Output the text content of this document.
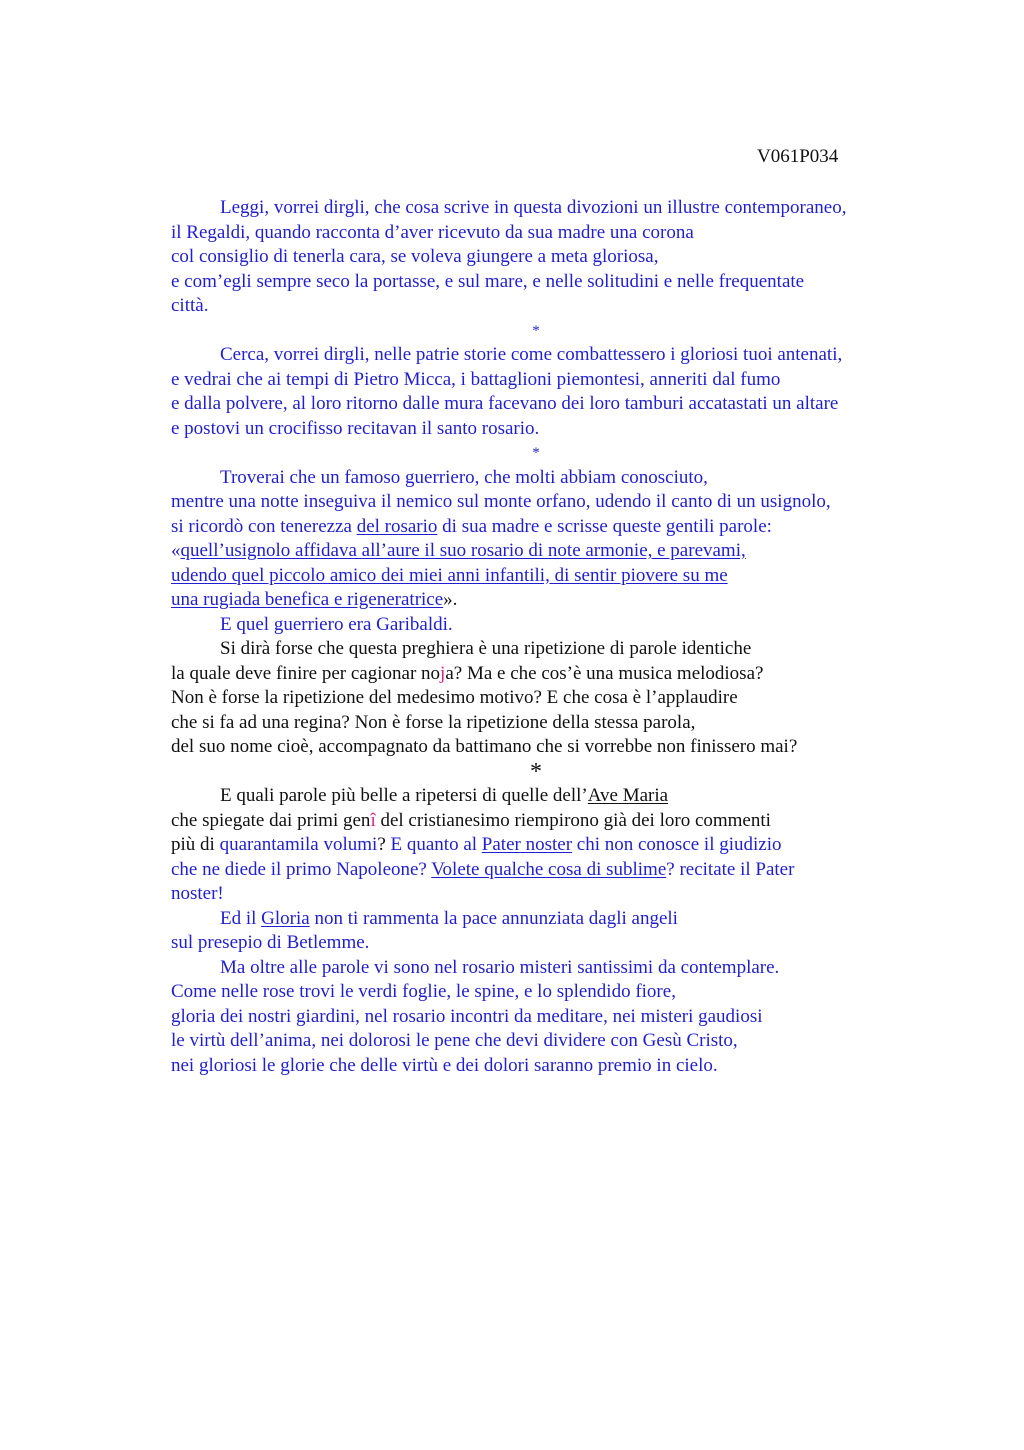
V061P034
Leggi, vorrei dirgli, che cosa scrive in questa divozioni un illustre contemporaneo,
il Regaldi, quando racconta d’aver ricevuto da sua madre una corona
col consiglio di tenerla cara, se voleva giungere a meta gloriosa,
e com’egli sempre seco la portasse, e sul mare, e nelle solitudini e nelle frequentate
città.
*
Cerca, vorrei dirgli, nelle patrie storie come combattessero i gloriosi tuoi antenati,
e vedrai che ai tempi di Pietro Micca, i battaglioni piemontesi, anneriti dal fumo
e dalla polvere, al loro ritorno dalle mura facevano dei loro tamburi accatastati un altare
e postovi un crocifisso recitavan il santo rosario.
*
Troverai che un famoso guerriero, che molti abbiam conosciuto,
mentre una notte inseguiva il nemico sul monte orfano, udendo il canto di un usignolo,
si ricordò con tenerezza del rosario di sua madre e scrisse queste gentili parole:
«quell’usignolo affidava all’aure il suo rosario di note armonie, e parevami,
udendo quel piccolo amico dei miei anni infantili, di sentir piovere su me
una rugiada benefica e rigeneratrice».
E quel guerriero era Garibaldi.
Si dirà forse che questa preghiera è una ripetizione di parole identiche
la quale deve finire per cagionar noja? Ma e che cos’è una musica melodiosa?
Non è forse la ripetizione del medesimo motivo? E che cosa è l’applaudire
che si fa ad una regina? Non è forse la ripetizione della stessa parola,
del suo nome cioè, accompagnato da battimano che si vorrebbe non finissero mai?
*
E quali parole più belle a ripetersi di quelle dell’Ave Maria
che spiegate dai primi genî del cristianesimo riempirono già dei loro commenti
più di quarantamila volumi? E quanto al Pater noster chi non conosce il giudizio
che ne diede il primo Napoleone? Volete qualche cosa di sublime? recitate il Pater
noster!
Ed il Gloria non ti rammenta la pace annunziata dagli angeli
sul presepio di Betlemme.
Ma oltre alle parole vi sono nel rosario misteri santissimi da contemplare.
Come nelle rose trovi le verdi foglie, le spine, e lo splendido fiore,
gloria dei nostri giardini, nel rosario incontri da meditare, nei misteri gaudiosi
le virtù dell’anima, nei dolorosi le pene che devi dividere con Gesù Cristo,
nei gloriosi le glorie che delle virtù e dei dolori saranno premio in cielo.
